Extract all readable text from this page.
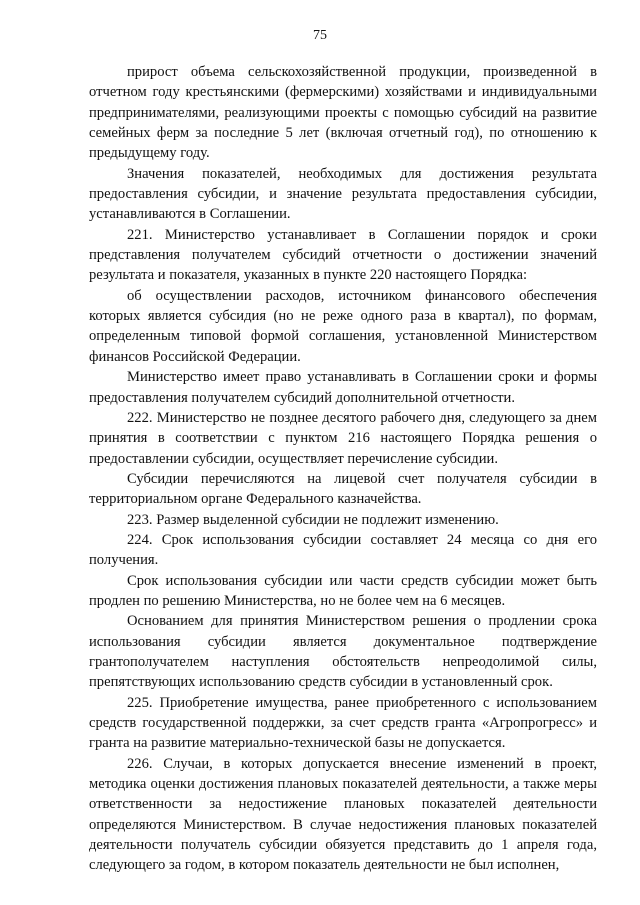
75

прирост объема сельскохозяйственной продукции, произведенной в отчетном году крестьянскими (фермерскими) хозяйствами и индивидуальными предпринимателями, реализующими проекты с помощью субсидий на развитие семейных ферм за последние 5 лет (включая отчетный год), по отношению к предыдущему году.

Значения показателей, необходимых для достижения результата предоставления субсидии, и значение результата предоставления субсидии, устанавливаются в Соглашении.

221. Министерство устанавливает в Соглашении порядок и сроки представления получателем субсидий отчетности о достижении значений результата и показателя, указанных в пункте 220 настоящего Порядка:

об осуществлении расходов, источником финансового обеспечения которых является субсидия (но не реже одного раза в квартал), по формам, определенным типовой формой соглашения, установленной Министерством финансов Российской Федерации.

Министерство имеет право устанавливать в Соглашении сроки и формы предоставления получателем субсидий дополнительной отчетности.

222. Министерство не позднее десятого рабочего дня, следующего за днем принятия в соответствии с пунктом 216 настоящего Порядка решения о предоставлении субсидии, осуществляет перечисление субсидии.

Субсидии перечисляются на лицевой счет получателя субсидии в территориальном органе Федерального казначейства.

223. Размер выделенной субсидии не подлежит изменению.

224. Срок использования субсидии составляет 24 месяца со дня его получения.

Срок использования субсидии или части средств субсидии может быть продлен по решению Министерства, но не более чем на 6 месяцев.

Основанием для принятия Министерством решения о продлении срока использования субсидии является документальное подтверждение грантополучателем наступления обстоятельств непреодолимой силы, препятствующих использованию средств субсидии в установленный срок.

225. Приобретение имущества, ранее приобретенного с использованием средств государственной поддержки, за счет средств гранта «Агропрогресс» и гранта на развитие материально-технической базы не допускается.

226. Случаи, в которых допускается внесение изменений в проект, методика оценки достижения плановых показателей деятельности, а также меры ответственности за недостижение плановых показателей деятельности определяются Министерством. В случае недостижения плановых показателей деятельности получатель субсидии обязуется представить до 1 апреля года, следующего за годом, в котором показатель деятельности не был исполнен,
